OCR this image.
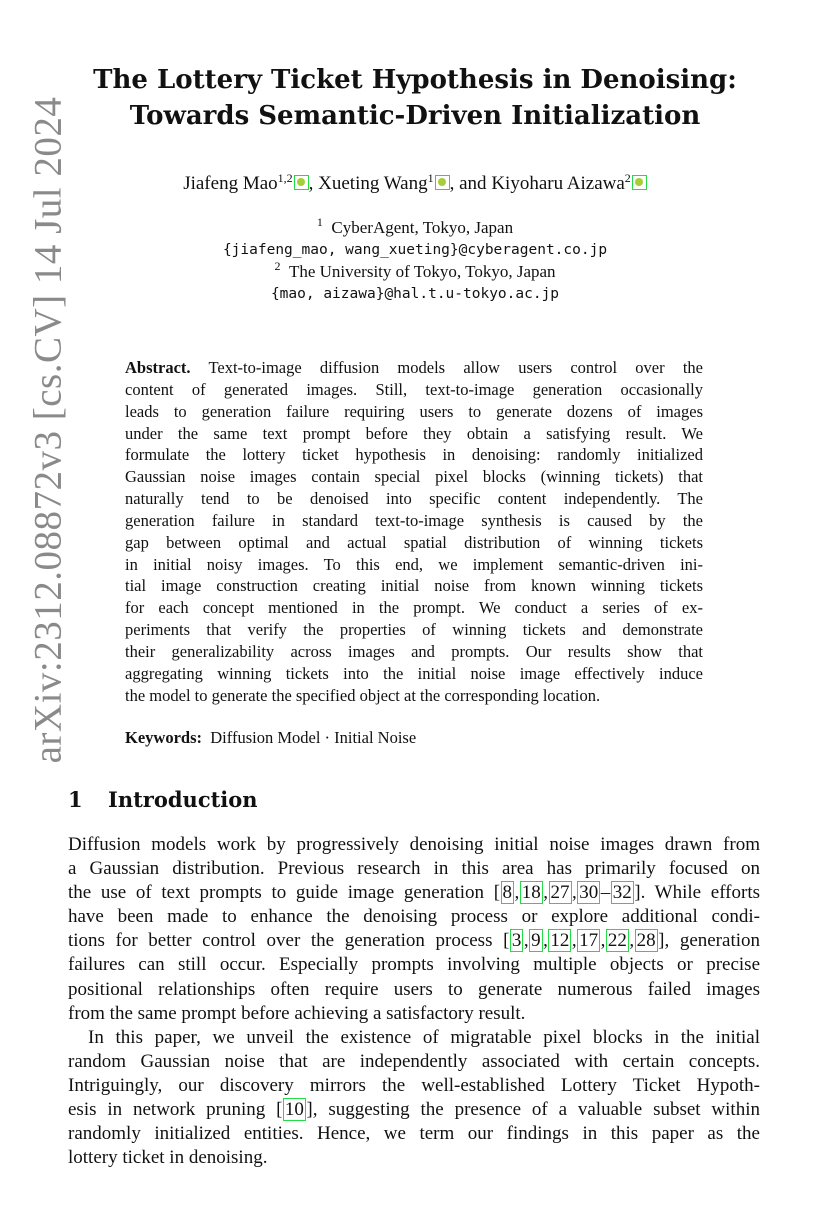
arXiv:2312.08872v3 [cs.CV] 14 Jul 2024
The Lottery Ticket Hypothesis in Denoising:
Towards Semantic-Driven Initialization
Jiafeng Mao$^{1,2}$ , Xueting Wang$^1$ , and Kiyoharu Aizawa$^2$
$^1$ CyberAgent, Tokyo, Japan
{jiafeng_mao, wang_xueting}@cyberagent.co.jp
$^2$ The University of Tokyo, Tokyo, Japan
{mao, aizawa}@hal.t.u-tokyo.ac.jp
Abstract. Text-to-image diffusion models allow users control over the
content of generated images. Still, text-to-image generation occasionally
leads to generation failure requiring users to generate dozens of images
under the same text prompt before they obtain a satisfying result. We
formulate the lottery ticket hypothesis in denoising: randomly initialized
Gaussian noise images contain special pixel blocks (winning tickets) that
naturally tend to be denoised into specific content independently. The
generation failure in standard text-to-image synthesis is caused by the
gap between optimal and actual spatial distribution of winning tickets
in initial noisy images. To this end, we implement semantic-driven ini-
tial image construction creating initial noise from known winning tickets
for each concept mentioned in the prompt. We conduct a series of ex-
periments that verify the properties of winning tickets and demonstrate
their generalizability across images and prompts. Our results show that
aggregating winning tickets into the initial noise image effectively induce
the model to generate the specified object at the corresponding location.
Keywords: Diffusion Model · Initial Noise
1 Introduction
Diffusion models work by progressively denoising initial noise images drawn from
a Gaussian distribution. Previous research in this area has primarily focused on
the use of text prompts to guide image generation [ 8 , 18 , 27 , 30 – 32 ]. While efforts
have been made to enhance the denoising process or explore additional condi-
tions for better control over the generation process [ 3 , 9 , 12 , 17 , 22 , 28 ], generation
failures can still occur. Especially prompts involving multiple objects or precise
positional relationships often require users to generate numerous failed images
from the same prompt before achieving a satisfactory result.
In this paper, we unveil the existence of migratable pixel blocks in the initial
random Gaussian noise that are independently associated with certain concepts.
Intriguingly, our discovery mirrors the well-established Lottery Ticket Hypoth-
esis in network pruning [ 10 ], suggesting the presence of a valuable subset within
randomly initialized entities. Hence, we term our findings in this paper as the
lottery ticket in denoising.
